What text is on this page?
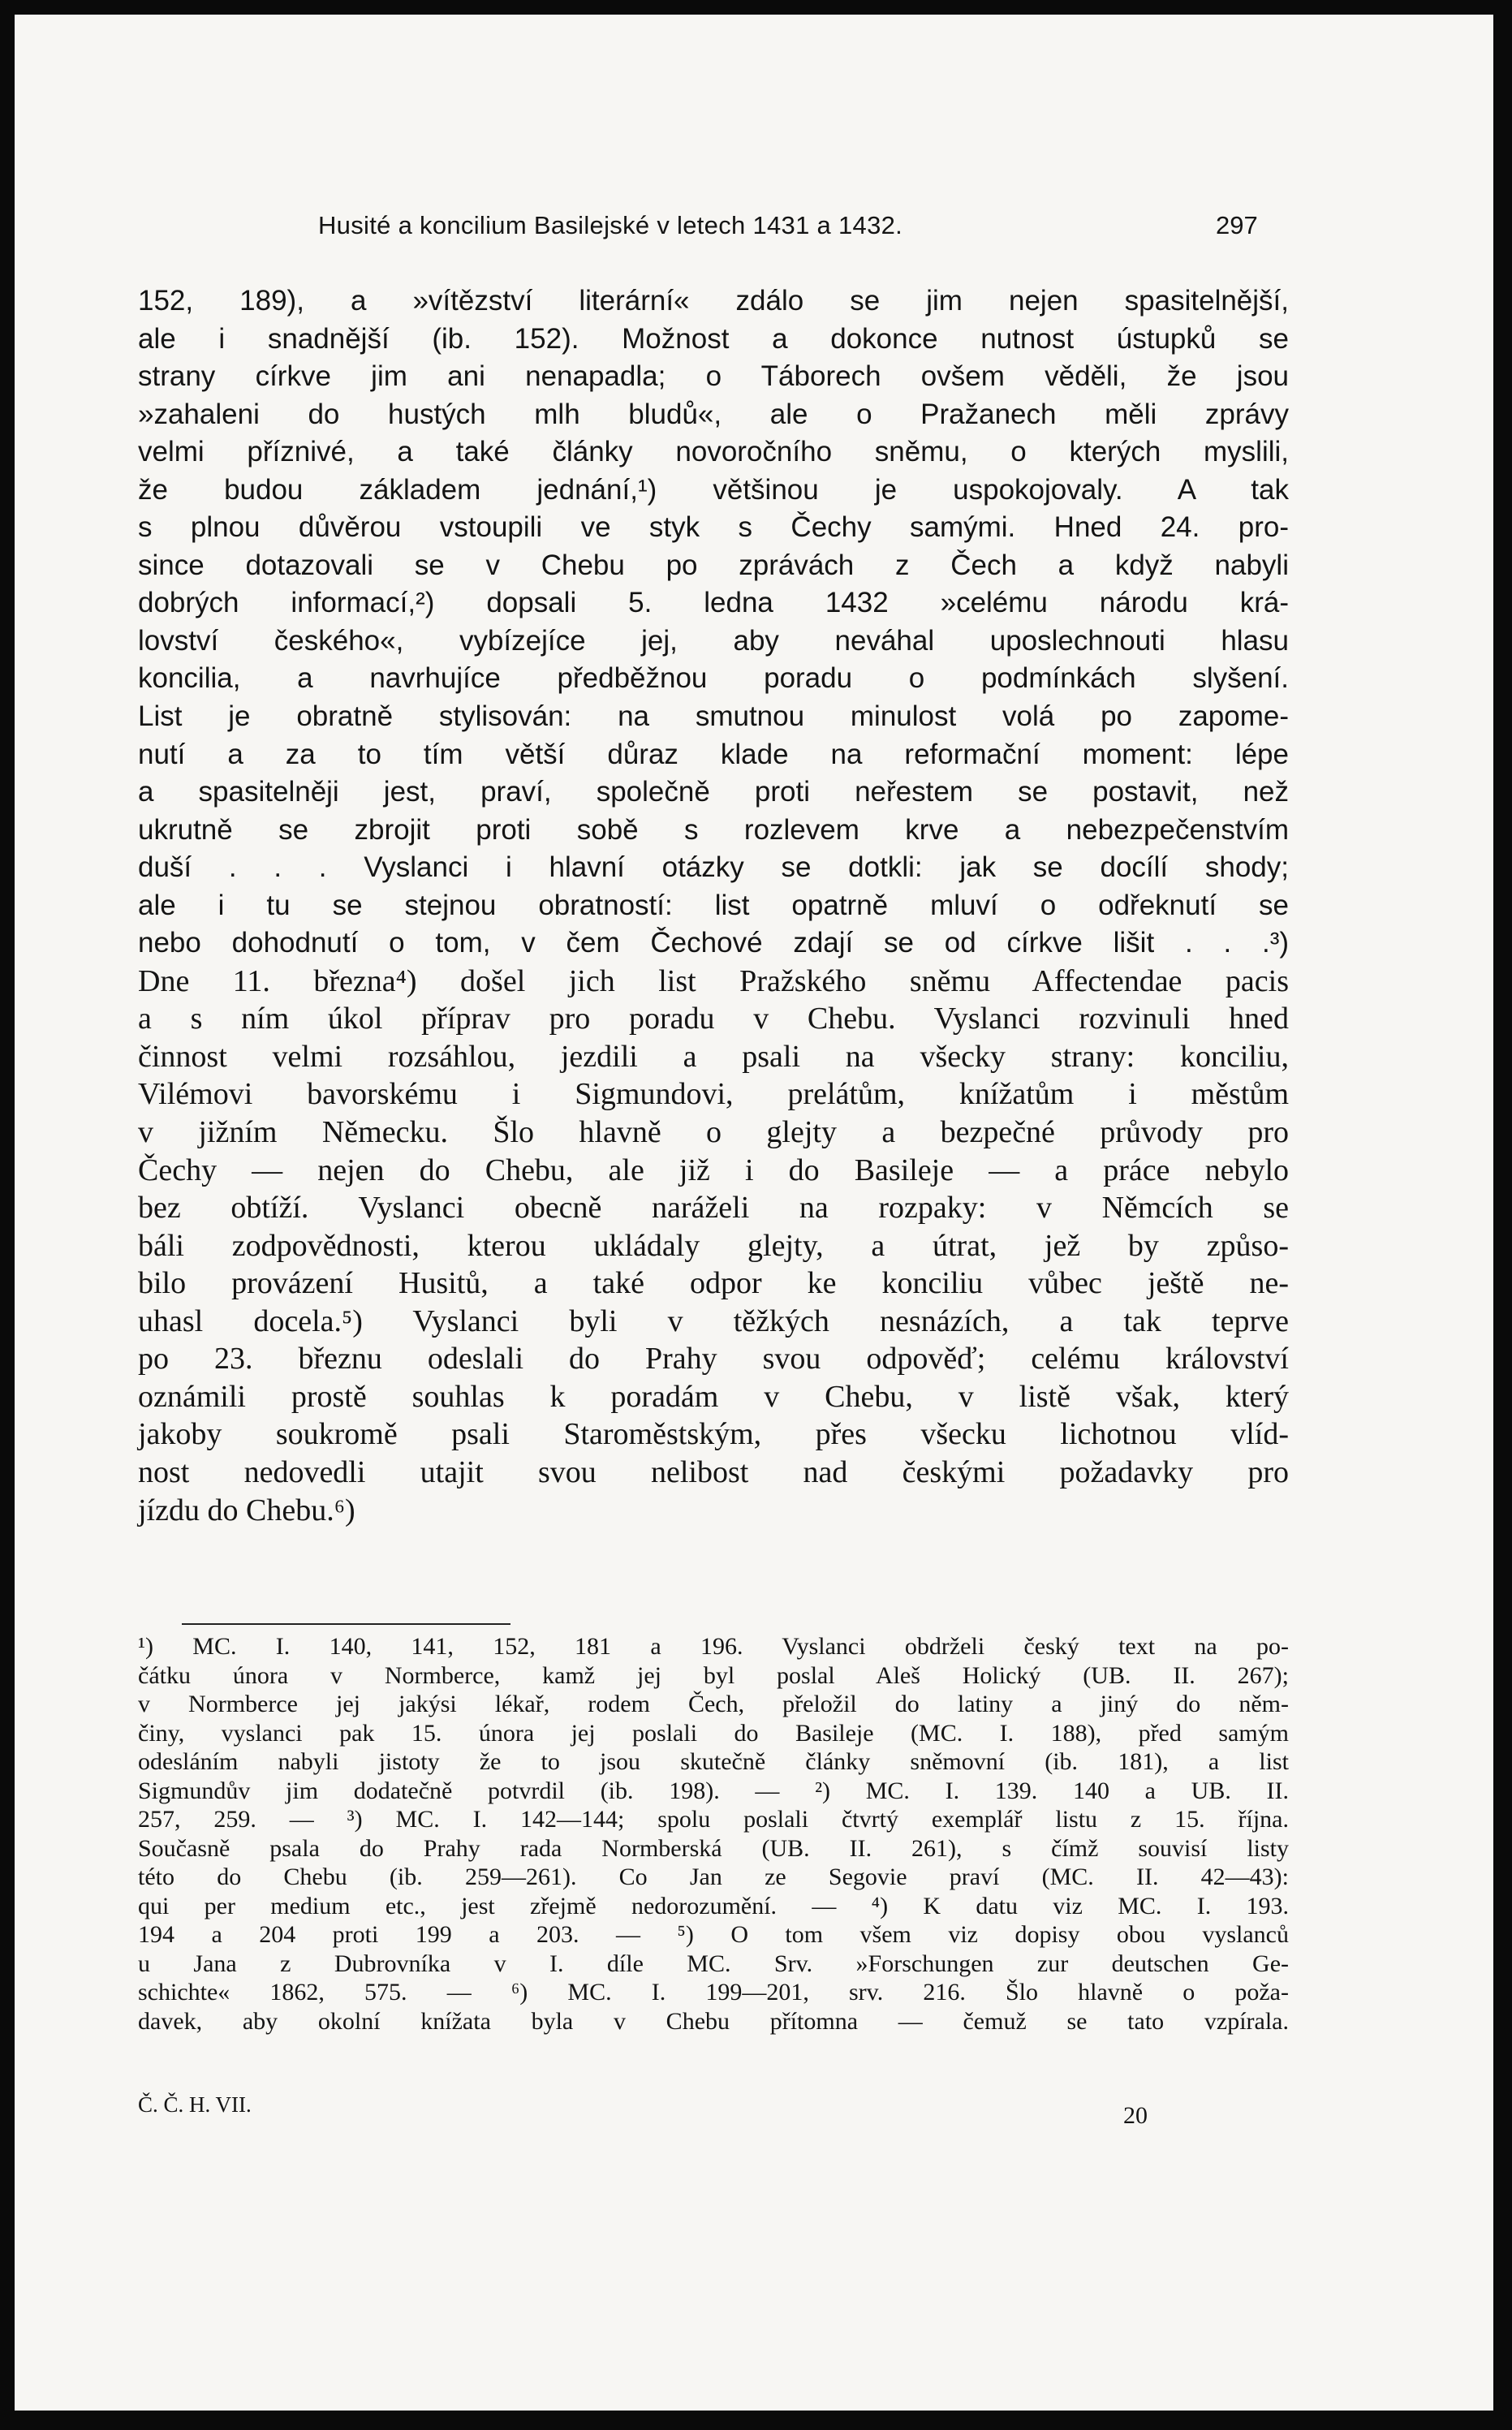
Husité a koncilium Basilejské v letech 1431 a 1432.	297
152, 189), a »vítězství literární« zdálo se jim nejen spasitelnější,
ale i snadnější (ib. 152). Možnost a dokonce nutnost ústupků se
strany církve jim ani nenapadla; o Táborech ovšem věděli, že jsou
»zahaleni do hustých mlh bludů«, ale o Pražanech měli zprávy
velmi příznivé, a také články novoročního sněmu, o kterých myslili,
že budou základem jednání,¹) většinou je uspokojovaly. A tak
s plnou důvěrou vstoupili ve styk s Čechy samými. Hned 24. pro-
since dotazovali se v Chebu po zprávách z Čech a když nabyli
dobrých informací,²) dopsali 5. ledna 1432 »celému národu krá-
lovství českého«, vybízejíce jej, aby neváhal uposlechnouti hlasu
koncilia, a navrhujíce předběžnou poradu o podmínkách slyšení.
List je obratně stylisován: na smutnou minulost volá po zapome-
nutí a za to tím větší důraz klade na reformační moment: lépe
a spasitelněji jest, praví, společně proti neřestem se postavit, než
ukrutně se zbrojit proti sobě s rozlevem krve a nebezpečenstvím
duší . . . Vyslanci i hlavní otázky se dotkli: jak se docílí shody;
ale i tu se stejnou obratností: list opatrně mluví o odřeknutí se
nebo dohodnutí o tom, v čem Čechové zdají se od církve lišit . . .³)
Dne 11. března⁴) došel jich list Pražského sněmu Affectendae pacis
a s ním úkol příprav pro poradu v Chebu. Vyslanci rozvinuli hned
činnost velmi rozsáhlou, jezdili a psali na všecky strany: konciliu,
Vilémovi bavorskému i Sigmundovi, prelátům, knížatům i městům
v jižním Německu. Šlo hlavně o glejty a bezpečné průvody pro
Čechy — nejen do Chebu, ale již i do Basileje — a práce nebylo
bez obtíží. Vyslanci obecně naráželi na rozpaky: v Němcích se
báli zodpovědnosti, kterou ukládaly glejty, a útrat, jež by způso-
bilo provázení Husitů, a také odpor ke konciliu vůbec ještě ne-
uhasl docela.⁵) Vyslanci byli v těžkých nesnázích, a tak teprve
po 23. březnu odeslali do Prahy svou odpověď; celému království
oznámili prostě souhlas k poradám v Chebu, v listě však, který
jakoby soukromě psali Staroměstským, přes všecku lichotnou vlíd-
nost nedovedli utajit svou nelibost nad českými požadavky pro
jízdu do Chebu.⁶)
¹) MC. I. 140, 141, 152, 181 a 196. Vyslanci obdrželi český text na po-
čátku února v Normberce, kamž jej byl poslal Aleš Holický (UB. II. 267);
v Normberce jej jakýsi lékař, rodem Čech, přeložil do latiny a jiný do něm-
činy, vyslanci pak 15. února jej poslali do Basileje (MC. I. 188), před samým
odesláním nabyli jistoty že to jsou skutečně články sněmovní (ib. 181), a list
Sigmundův jim dodatečně potvrdil (ib. 198). — ²) MC. I. 139. 140 a UB. II.
257, 259. — ³) MC. I. 142—144; spolu poslali čtvrtý exemplář listu z 15. října.
Současně psala do Prahy rada Normberská (UB. II. 261), s čímž souvisí listy
této do Chebu (ib. 259—261). Co Jan ze Segovie praví (MC. II. 42—43):
qui per medium etc., jest zřejmě nedorozumění. — ⁴) K datu viz MC. I. 193.
194 a 204 proti 199 a 203. — ⁵) O tom všem viz dopisy obou vyslanců
u Jana z Dubrovníka v I. díle MC. Srv. »Forschungen zur deutschen Ge-
schichte« 1862, 575. — ⁶) MC. I. 199—201, srv. 216. Šlo hlavně o poža-
davek, aby okolní knížata byla v Chebu přítomna — čemuž se tato vzpírala.
Č. Č. H. VII.	20
